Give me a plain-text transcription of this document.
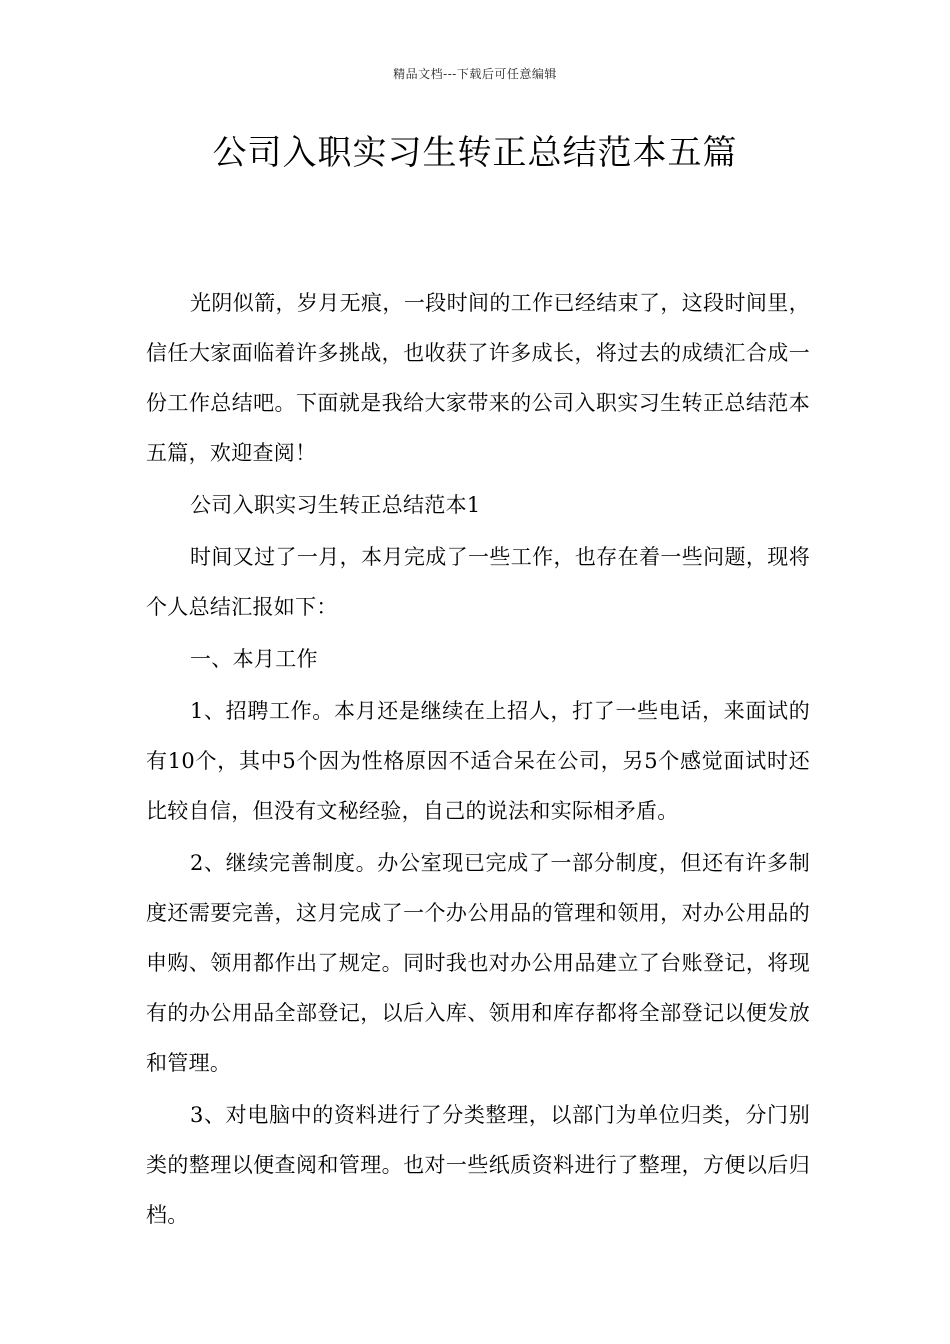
精品文档---下载后可任意编辑
公司入职实习生转正总结范本五篇

光阴似箭，岁月无痕，一段时间的工作已经结束了，这段时间里，信任大家面临着许多挑战，也收获了许多成长，将过去的成绩汇合成一份工作总结吧。下面就是我给大家带来的公司入职实习生转正总结范本五篇，欢迎查阅！

公司入职实习生转正总结范本1

时间又过了一月，本月完成了一些工作，也存在着一些问题，现将个人总结汇报如下：

一、本月工作

1、招聘工作。本月还是继续在上招人，打了一些电话，来面试的有10个，其中5个因为性格原因不适合呆在公司，另5个感觉面试时还比较自信，但没有文秘经验，自己的说法和实际相矛盾。

2、继续完善制度。办公室现已完成了一部分制度，但还有许多制度还需要完善，这月完成了一个办公用品的管理和领用，对办公用品的申购、领用都作出了规定。同时我也对办公用品建立了台账登记，将现有的办公用品全部登记，以后入库、领用和库存都将全部登记以便发放和管理。

3、对电脑中的资料进行了分类整理，以部门为单位归类，分门别类的整理以便查阅和管理。也对一些纸质资料进行了整理，方便以后归档。
